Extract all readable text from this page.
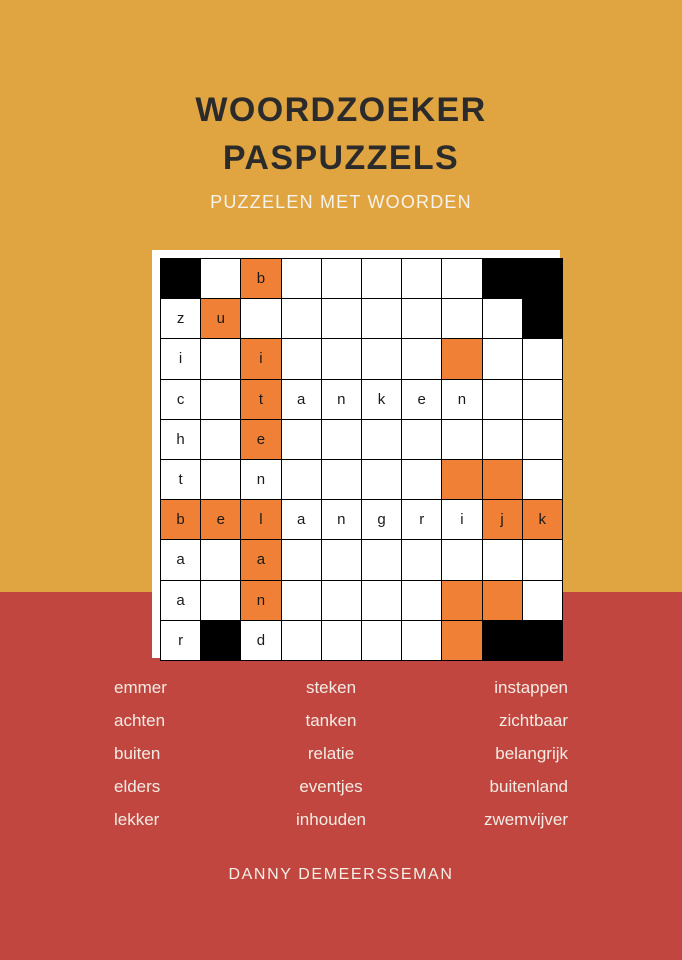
WOORDZOEKER
PASPUZZELS
PUZZELEN MET WOORDEN
		b							
z	u								
i		i							
c		t	a	n	k	e	n		
h		e							
t		n							
b	e	l	a	n	g	r	i	j	k
a		a							
a		n							
r		d							
emmer
achten
buiten
elders
lekker
steken
tanken
relatie
eventjes
inhouden
instappen
zichtbaar
belangrijk
buitenland
zwemvijver
DANNY DEMEERSSEMAN
